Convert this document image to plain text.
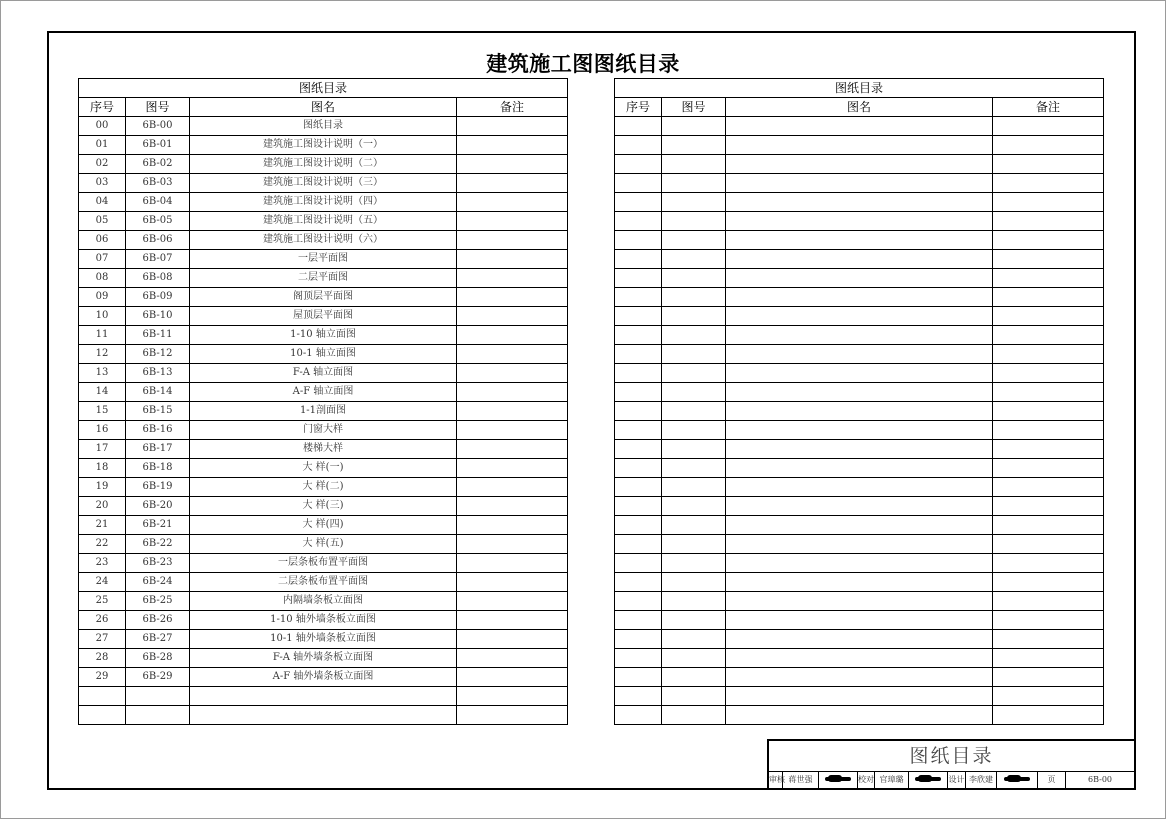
建筑施工图图纸目录
图纸目录			
序号	图号	图名	备注
00	6B-00	图纸目录	
01	6B-01	建筑施工图设计说明（一）	
02	6B-02	建筑施工图设计说明（二）	
03	6B-03	建筑施工图设计说明（三）	
04	6B-04	建筑施工图设计说明（四）	
05	6B-05	建筑施工图设计说明（五）	
06	6B-06	建筑施工图设计说明（六）	
07	6B-07	一层平面图	
08	6B-08	二层平面图	
09	6B-09	阁顶层平面图	
10	6B-10	屋顶层平面图	
11	6B-11	1-10 轴立面图	
12	6B-12	10-1 轴立面图	
13	6B-13	F-A 轴立面图	
14	6B-14	A-F 轴立面图	
15	6B-15	1-1剖面图	
16	6B-16	门窗大样	
17	6B-17	楼梯大样	
18	6B-18	大 样(一)	
19	6B-19	大 样(二)	
20	6B-20	大 样(三)	
21	6B-21	大 样(四)	
22	6B-22	大 样(五)	
23	6B-23	一层条板布置平面图	
24	6B-24	二层条板布置平面图	
25	6B-25	内隔墙条板立面图	
26	6B-26	1-10 轴外墙条板立面图	
27	6B-27	10-1 轴外墙条板立面图	
28	6B-28	F-A 轴外墙条板立面图	
29	6B-29	A-F 轴外墙条板立面图	

图纸目录			
序号	图号	图名	备注

图纸目录
审核 蒋世强	校对 官璋璐	设计 李欣建	页	6B-00
